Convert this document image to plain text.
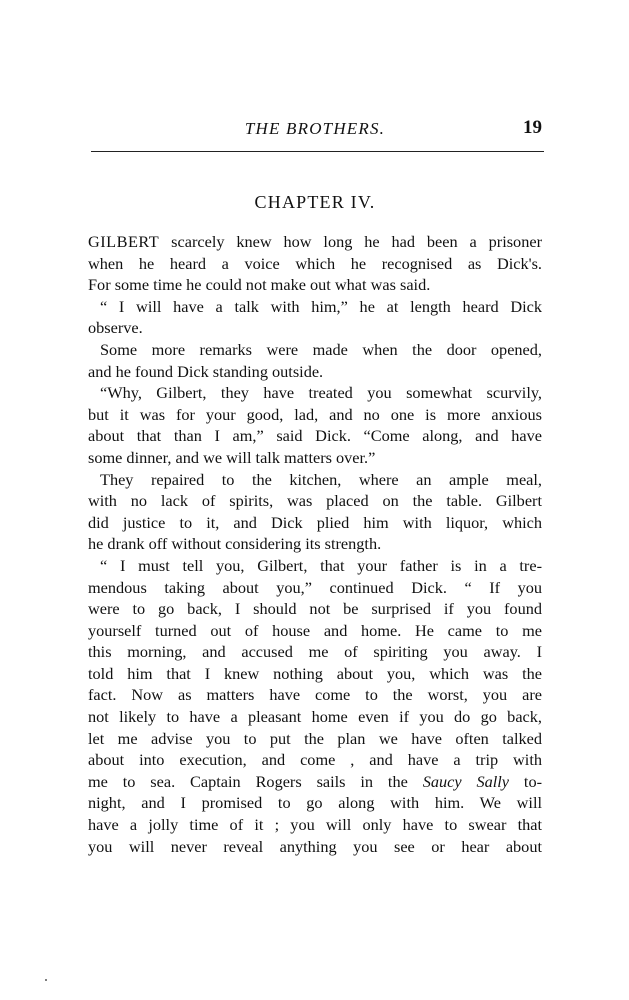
THE BROTHERS.	19
CHAPTER IV.
GILBERT scarcely knew how long he had been a prisoner
when he heard a voice which he recognised as Dick's.
For some time he could not make out what was said.
“ I will have a talk with him,” he at length heard Dick
observe.
Some more remarks were made when the door opened,
and he found Dick standing outside.
“Why, Gilbert, they have treated you somewhat scurvily,
but it was for your good, lad, and no one is more anxious
about that than I am,” said Dick. “Come along, and have
some dinner, and we will talk matters over.”
They repaired to the kitchen, where an ample meal,
with no lack of spirits, was placed on the table. Gilbert
did justice to it, and Dick plied him with liquor, which
he drank off without considering its strength.
“ I must tell you, Gilbert, that your father is in a tre-
mendous taking about you,” continued Dick. “ If you
were to go back, I should not be surprised if you found
yourself turned out of house and home. He came to me
this morning, and accused me of spiriting you away. I
told him that I knew nothing about you, which was the
fact. Now as matters have come to the worst, you are
not likely to have a pleasant home even if you do go back,
let me advise you to put the plan we have often talked
about into execution, and come , and have a trip with
me to sea. Captain Rogers sails in the Saucy Sally to-
night, and I promised to go along with him. We will
have a jolly time of it ; you will only have to swear that
you will never reveal anything you see or hear about
